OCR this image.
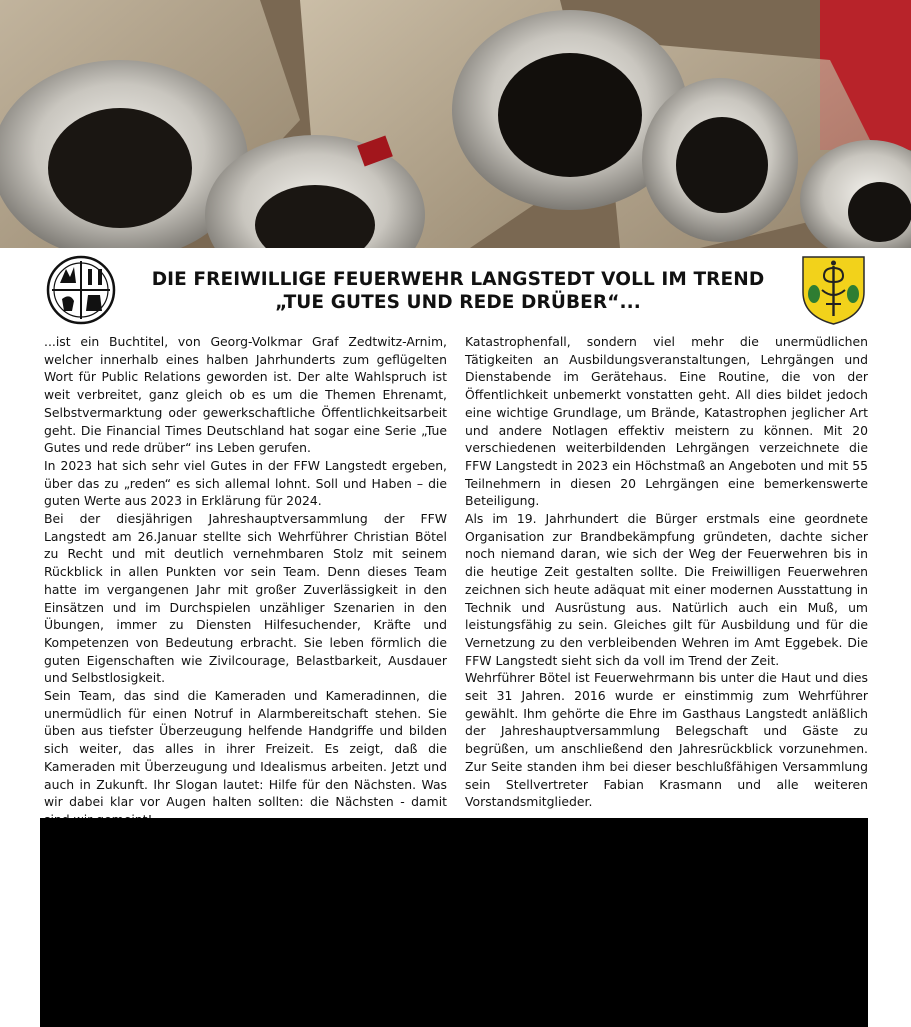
DIE FREIWILLIGE FEUERWEHR LANGSTEDT VOLL IM TREND
„TUE GUTES UND REDE DRÜBER“...

...ist ein Buchtitel, von Georg-Volkmar Graf Zedtwitz-Arnim, welcher innerhalb eines halben Jahrhunderts zum geflügelten Wort für Public Relations geworden ist. Der alte Wahlspruch ist weit verbreitet, ganz gleich ob es um die Themen Ehrenamt, Selbstvermarktung oder gewerkschaftliche Öffentlichkeitsarbeit geht. Die Financial Times Deutschland hat sogar eine Serie „Tue Gutes und rede drüber“ ins Leben gerufen.

In 2023 hat sich sehr viel Gutes in der FFW Langstedt ergeben, über das zu „reden“ es sich allemal lohnt. Soll und Haben – die guten Werte aus 2023 in Erklärung für 2024.

Bei der diesjährigen Jahreshauptversammlung der FFW Langstedt am 26.Januar stellte sich Wehrführer Christian Bötel zu Recht und mit deutlich vernehmbaren Stolz mit seinem Rückblick in allen Punkten vor sein Team. Denn dieses Team hatte im vergangenen Jahr mit großer Zuverlässigkeit in den Einsätzen und im Durchspielen unzähliger Szenarien in den Übungen, immer zu Diensten Hilfesuchender, Kräfte und Kompetenzen von Bedeutung erbracht. Sie leben förmlich die guten Eigenschaften wie Zivilcourage, Belastbarkeit, Ausdauer und Selbstlosigkeit.

Sein Team, das sind die Kameraden und Kameradinnen, die unermüdlich für einen Notruf in Alarmbereitschaft stehen. Sie üben aus tiefster Überzeugung helfende Handgriffe und bilden sich weiter, das alles in ihrer Freizeit. Es zeigt, daß die Kameraden mit Überzeugung und Idealismus arbeiten. Jetzt und auch in Zukunft. Ihr Slogan lautet: Hilfe für den Nächsten. Was wir dabei klar vor Augen halten sollten: die Nächsten - damit

Katastrophenfall, sondern viel mehr die unermüdlichen Tätigkeiten an Ausbildungsveranstaltungen, Lehrgängen und Dienstabende im Gerätehaus. Eine Routine, die von der Öffentlichkeit unbemerkt vonstatten geht. All dies bildet jedoch eine wichtige Grundlage, um Brände, Katastrophen jeglicher Art und andere Notlagen effektiv meistern zu können. Mit 20 verschiedenen weiterbildenden Lehrgängen verzeichnete die FFW Langstedt in 2023 ein Höchstmaß an Angeboten und mit 55 Teilnehmern in diesen 20 Lehrgängen eine bemerkenswerte Beteiligung.

Als im 19. Jahrhundert die Bürger erstmals eine geordnete Organisation zur Brandbekämpfung gründeten, dachte sicher noch niemand daran, wie sich der Weg der Feuerwehren bis in die heutige Zeit gestalten sollte. Die Freiwilligen Feuerwehren zeichnen sich heute adäquat mit einer modernen Ausstattung in Technik und Ausrüstung aus. Natürlich auch ein Muß, um leistungsfähig zu sein. Gleiches gilt für Ausbildung und für die Vernetzung zu den verbleibenden Wehren im Amt Eggebek. Die FFW Langstedt sieht sich da voll im Trend der Zeit.

Wehrführer Bötel ist Feuerwehrmann bis unter die Haut und dies seit 31 Jahren. 2016 wurde er einstimmig zum Wehrführer gewählt. Ihm gehörte die Ehre im Gasthaus Langstedt anläßlich der Jahreshauptversammlung Belegschaft und Gäste zu begrüßen, um anschließend den Jahresrückblick vorzunehmen. Zur Seite standen ihm bei dieser beschlußfähigen Versammlung sein Stellvertreter Fabian Krasmann und alle weiteren Vorstandsmitglieder.
